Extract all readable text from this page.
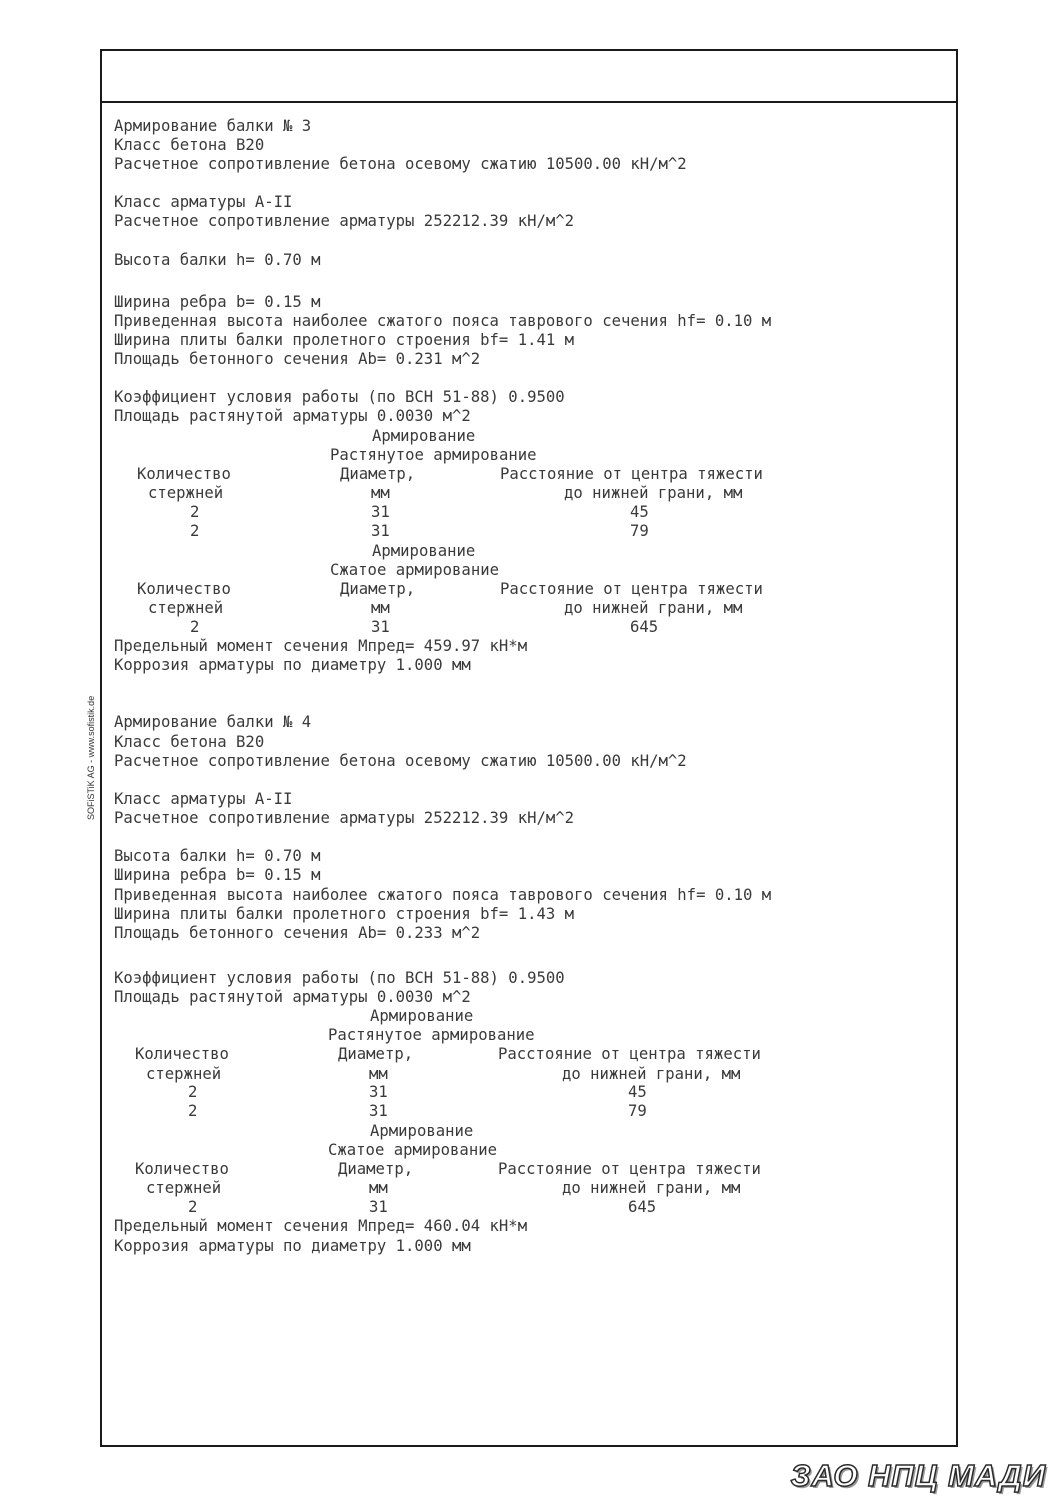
SOFiSTiK AG - www.sofistik.de
Армирование балки № 3
Класс бетона В20
Расчетное сопротивление бетона осевому сжатию 10500.00 кН/м^2
Класс арматуры А-II
Расчетное сопротивление арматуры 252212.39 кН/м^2
Высота балки h= 0.70 м
Ширина ребра b= 0.15 м
Приведенная высота наиболее сжатого пояса таврового сечения hf= 0.10 м
Ширина плиты балки пролетного строения bf= 1.41 м
Площадь бетонного сечения Ab= 0.231 м^2
Коэффициент условия работы (по ВСН 51-88) 0.9500
Площадь растянутой арматуры 0.0030 м^2
Армирование
Растянутое армирование
Количество	Диаметр,	Расстояние от центра тяжести
стержней	мм	до нижней грани, мм
2	31	45
2	31	79
Армирование
Сжатое армирование
Количество	Диаметр,	Расстояние от центра тяжести
стержней	мм	до нижней грани, мм
2	31	645
Предельный момент сечения Мпред= 459.97 кН*м
Коррозия арматуры по диаметру 1.000 мм
Армирование балки № 4
Класс бетона В20
Расчетное сопротивление бетона осевому сжатию 10500.00 кН/м^2
Класс арматуры А-II
Расчетное сопротивление арматуры 252212.39 кН/м^2
Высота балки h= 0.70 м
Ширина ребра b= 0.15 м
Приведенная высота наиболее сжатого пояса таврового сечения hf= 0.10 м
Ширина плиты балки пролетного строения bf= 1.43 м
Площадь бетонного сечения Ab= 0.233 м^2
Коэффициент условия работы (по ВСН 51-88) 0.9500
Площадь растянутой арматуры 0.0030 м^2
Армирование
Растянутое армирование
Количество	Диаметр,	Расстояние от центра тяжести
стержней	мм	до нижней грани, мм
2	31	45
2	31	79
Армирование
Сжатое армирование
Количество	Диаметр,	Расстояние от центра тяжести
стержней	мм	до нижней грани, мм
2	31	645
Предельный момент сечения Мпред= 460.04 кН*м
Коррозия арматуры по диаметру 1.000 мм
ЗАО НПЦ МАДИ
